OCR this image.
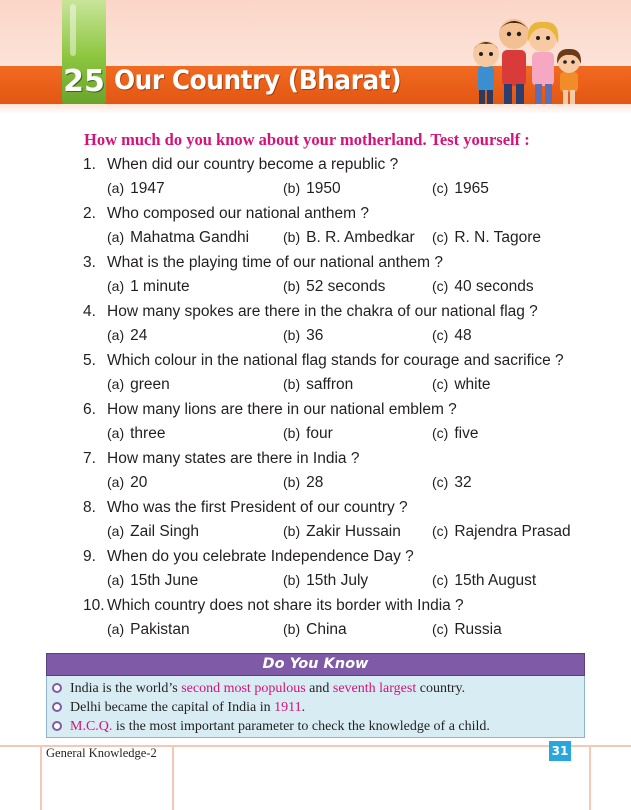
25 Our Country (Bharat)
How much do you know about your motherland. Test yourself :
1. When did our country become a republic ?
(a) 1947	(b) 1950	(c) 1965
2. Who composed our national anthem ?
(a) Mahatma Gandhi (b) B. R. Ambedkar (c) R. N. Tagore
3. What is the playing time of our national anthem ?
(a) 1 minute	(b) 52 seconds	(c) 40 seconds
4. How many spokes are there in the chakra of our national flag ?
(a) 24	(b) 36	(c) 48
5. Which colour in the national flag stands for courage and sacrifice ?
(a) green	(b) saffron	(c) white
6. How many lions are there in our national emblem ?
(a) three	(b) four	(c) five
7. How many states are there in India ?
(a) 20	(b) 28	(c) 32
8. Who was the first President of our country ?
(a) Zail Singh	(b) Zakir Hussain (c) Rajendra Prasad
9. When do you celebrate Independence Day ?
(a) 15th June	(b) 15th July	(c) 15th August
10. Which country does not share its border with India ?
(a) Pakistan	(b) China	(c) Russia
Do You Know
India is the world’s second most populous and seventh largest country.
Delhi became the capital of India in 1911.
M.C.Q. is the most important parameter to check the knowledge of a child.
General Knowledge-2	31
